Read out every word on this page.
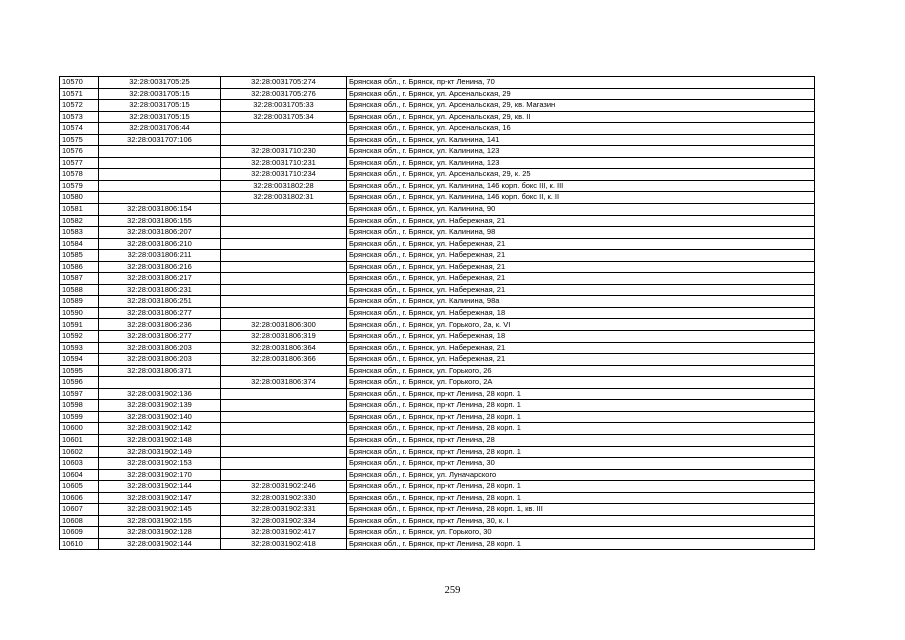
10570	32:28:0031705:25	32:28:0031705:274	Брянская обл., г. Брянск, пр-кт Ленина, 70
10571	32:28:0031705:15	32:28:0031705:276	Брянская обл., г. Брянск, ул. Арсенальская, 29
10572	32:28:0031705:15	32:28:0031705:33	Брянская обл., г. Брянск, ул. Арсенальская, 29, кв. Магазин
10573	32:28:0031705:15	32:28:0031705:34	Брянская обл., г. Брянск, ул. Арсенальская, 29, кв. II
10574	32:28:0031706:44		Брянская обл., г. Брянск, ул. Арсенальская, 16
10575	32:28:0031707:106		Брянская обл., г. Брянск, ул. Калинина, 141
10576		32:28:0031710:230	Брянская обл., г. Брянск, ул. Калинина, 123
10577		32:28:0031710:231	Брянская обл., г. Брянск, ул. Калинина, 123
10578		32:28:0031710:234	Брянская обл., г. Брянск, ул. Арсенальская, 29, к. 25
10579		32:28:0031802:28	Брянская обл., г. Брянск, ул. Калинина, 146 корп. бокс III, к. III
10580		32:28:0031802:31	Брянская обл., г. Брянск, ул. Калинина, 146 корп. бокс II, к. II
10581	32:28:0031806:154		Брянская обл., г. Брянск, ул. Калинина, 90
10582	32:28:0031806:155		Брянская обл., г. Брянск, ул. Набережная, 21
10583	32:28:0031806:207		Брянская обл., г. Брянск, ул. Калинина, 98
10584	32:28:0031806:210		Брянская обл., г. Брянск, ул. Набережная, 21
10585	32:28:0031806:211		Брянская обл., г. Брянск, ул. Набережная, 21
10586	32:28:0031806:216		Брянская обл., г. Брянск, ул. Набережная, 21
10587	32:28:0031806:217		Брянская обл., г. Брянск, ул. Набережная, 21
10588	32:28:0031806:231		Брянская обл., г. Брянск, ул. Набережная, 21
10589	32:28:0031806:251		Брянская обл., г. Брянск, ул. Калинина, 98а
10590	32:28:0031806:277		Брянская обл., г. Брянск, ул. Набережная, 18
10591	32:28:0031806:236	32:28:0031806:300	Брянская обл., г. Брянск, ул. Горького, 2а, к. VI
10592	32:28:0031806:277	32:28:0031806:319	Брянская обл., г. Брянск, ул. Набережная, 18
10593	32:28:0031806:203	32:28:0031806:364	Брянская обл., г. Брянск, ул. Набережная, 21
10594	32:28:0031806:203	32:28:0031806:366	Брянская обл., г. Брянск, ул. Набережная, 21
10595	32:28:0031806:371		Брянская обл., г. Брянск, ул. Горького, 26
10596		32:28:0031806:374	Брянская обл., г. Брянск, ул. Горького, 2А
10597	32:28:0031902:136		Брянская обл., г. Брянск, пр-кт Ленина, 28 корп. 1
10598	32:28:0031902:139		Брянская обл., г. Брянск, пр-кт Ленина, 28 корп. 1
10599	32:28:0031902:140		Брянская обл., г. Брянск, пр-кт Ленина, 28 корп. 1
10600	32:28:0031902:142		Брянская обл., г. Брянск, пр-кт Ленина, 28 корп. 1
10601	32:28:0031902:148		Брянская обл., г. Брянск, пр-кт Ленина, 28
10602	32:28:0031902:149		Брянская обл., г. Брянск, пр-кт Ленина, 28 корп. 1
10603	32:28:0031902:153		Брянская обл., г. Брянск, пр-кт Ленина, 30
10604	32:28:0031902:170		Брянская обл., г. Брянск, ул. Луначарского
10605	32:28:0031902:144	32:28:0031902:246	Брянская обл., г. Брянск, пр-кт Ленина, 28 корп. 1
10606	32:28:0031902:147	32:28:0031902:330	Брянская обл., г. Брянск, пр-кт Ленина, 28 корп. 1
10607	32:28:0031902:145	32:28:0031902:331	Брянская обл., г. Брянск, пр-кт Ленина, 28 корп. 1, кв. III
10608	32:28:0031902:155	32:28:0031902:334	Брянская обл., г. Брянск, пр-кт Ленина, 30, к. I
10609	32:28:0031902:128	32:28:0031902:417	Брянская обл., г. Брянск, ул. Горького, 30
10610	32:28:0031902:144	32:28:0031902:418	Брянская обл., г. Брянск, пр-кт Ленина, 28 корп. 1
259
